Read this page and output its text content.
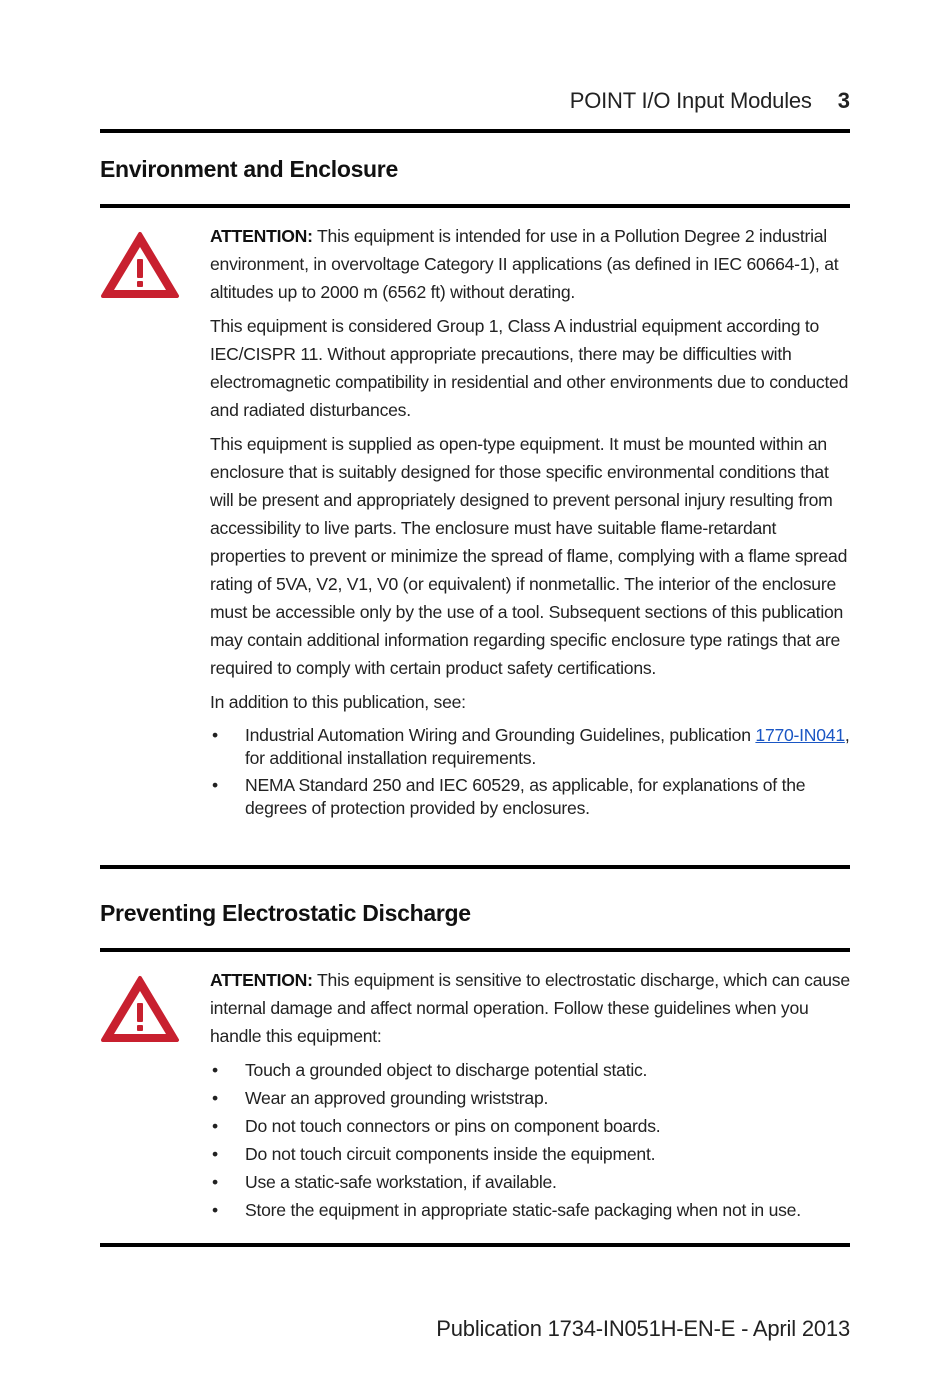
POINT I/O Input Modules 3
Environment and Enclosure

ATTENTION: This equipment is intended for use in a Pollution Degree 2 industrial environment, in overvoltage Category II applications (as defined in IEC 60664-1), at altitudes up to 2000 m (6562 ft) without derating.

This equipment is considered Group 1, Class A industrial equipment according to IEC/CISPR 11. Without appropriate precautions, there may be difficulties with electromagnetic compatibility in residential and other environments due to conducted and radiated disturbances.

This equipment is supplied as open-type equipment. It must be mounted within an enclosure that is suitably designed for those specific environmental conditions that will be present and appropriately designed to prevent personal injury resulting from accessibility to live parts. The enclosure must have suitable flame-retardant properties to prevent or minimize the spread of flame, complying with a flame spread rating of 5VA, V2, V1, V0 (or equivalent) if nonmetallic. The interior of the enclosure must be accessible only by the use of a tool. Subsequent sections of this publication may contain additional information regarding specific enclosure type ratings that are required to comply with certain product safety certifications.

In addition to this publication, see:

• Industrial Automation Wiring and Grounding Guidelines, publication 1770-IN041, for additional installation requirements.
• NEMA Standard 250 and IEC 60529, as applicable, for explanations of the degrees of protection provided by enclosures.
Preventing Electrostatic Discharge

ATTENTION: This equipment is sensitive to electrostatic discharge, which can cause internal damage and affect normal operation. Follow these guidelines when you handle this equipment:

• Touch a grounded object to discharge potential static.
• Wear an approved grounding wriststrap.
• Do not touch connectors or pins on component boards.
• Do not touch circuit components inside the equipment.
• Use a static-safe workstation, if available.
• Store the equipment in appropriate static-safe packaging when not in use.
Publication 1734-IN051H-EN-E - April 2013
